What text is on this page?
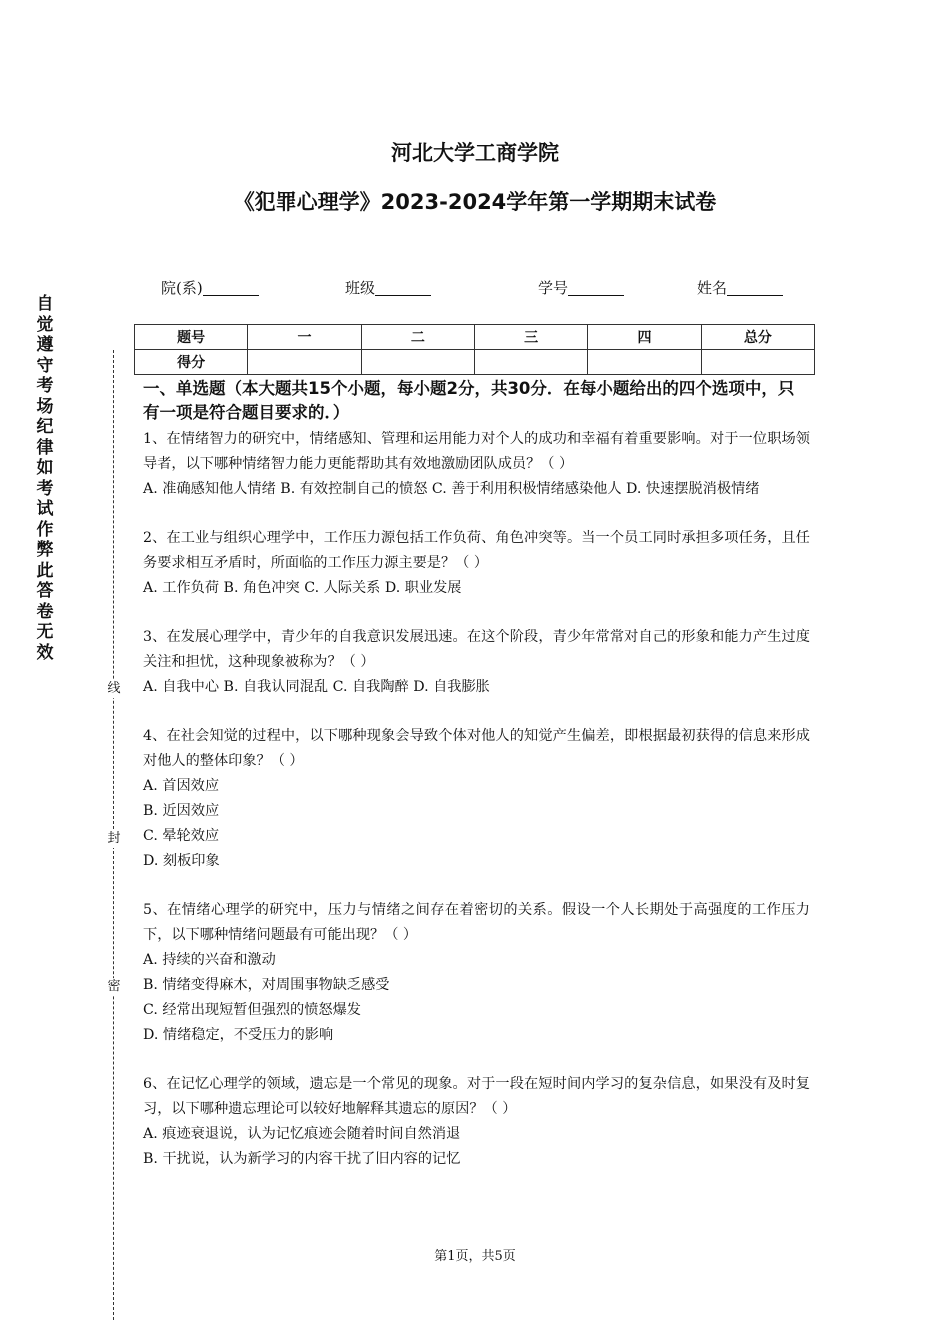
自觉遵守考场纪律如考试作弊此答卷无效
线
封
密
河北大学工商学院
《犯罪心理学》2023-2024学年第一学期期末试卷
院(系)	班级	学号	姓名
题号	一	二	三	四	总分
得分					

一、单选题（本大题共15个小题，每小题2分，共30分．在每小题给出的四个选项中，只有一项是符合题目要求的．）

1、在情绪智力的研究中，情绪感知、管理和运用能力对个人的成功和幸福有着重要影响。对于一位职场领导者，以下哪种情绪智力能力更能帮助其有效地激励团队成员？（ ）

A. 准确感知他人情绪 B. 有效控制自己的愤怒 C. 善于利用积极情绪感染他人 D. 快速摆脱消极情绪

2、在工业与组织心理学中，工作压力源包括工作负荷、角色冲突等。当一个员工同时承担多项任务，且任务要求相互矛盾时，所面临的工作压力源主要是？（ ）

A. 工作负荷 B. 角色冲突 C. 人际关系 D. 职业发展

3、在发展心理学中，青少年的自我意识发展迅速。在这个阶段，青少年常常对自己的形象和能力产生过度关注和担忧，这种现象被称为？（ ）

A. 自我中心 B. 自我认同混乱 C. 自我陶醉 D. 自我膨胀

4、在社会知觉的过程中，以下哪种现象会导致个体对他人的知觉产生偏差，即根据最初获得的信息来形成对他人的整体印象？（ ）

A. 首因效应

B. 近因效应

C. 晕轮效应

D. 刻板印象

5、在情绪心理学的研究中，压力与情绪之间存在着密切的关系。假设一个人长期处于高强度的工作压力下，以下哪种情绪问题最有可能出现？（ ）

A. 持续的兴奋和激动

B. 情绪变得麻木，对周围事物缺乏感受

C. 经常出现短暂但强烈的愤怒爆发

D. 情绪稳定，不受压力的影响

6、在记忆心理学的领域，遗忘是一个常见的现象。对于一段在短时间内学习的复杂信息，如果没有及时复习，以下哪种遗忘理论可以较好地解释其遗忘的原因？（ ）

A. 痕迹衰退说，认为记忆痕迹会随着时间自然消退

B. 干扰说，认为新学习的内容干扰了旧内容的记忆

第1页，共5页
